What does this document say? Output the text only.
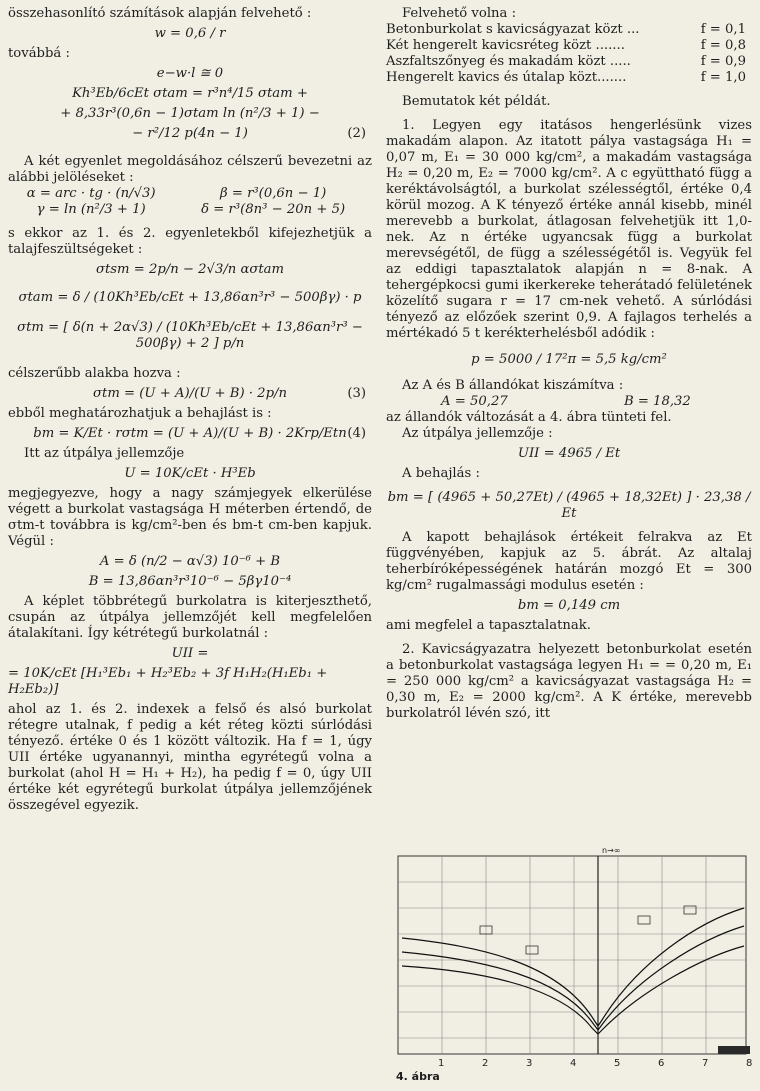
összehasonlító számítások alapján felvehető :

w = 0,6 / r

továbbá :

e−w·l ≅ 0
Kh³Eb/6cEt σtam = r³n⁴/15 σtam +
+ 8,33r³(0,6n − 1)σtam ln (n²/3 + 1) −
− r²/12 p(4n − 1)	(2)

A két egyenlet megoldásához célszerű bevezetni az alábbi jelöléseket :

α = arc · tg · (n/√3)	β = r³(0,6n − 1)
γ = ln (n²/3 + 1)	δ = r³(8n³ − 20n + 5)

s ekkor az 1. és 2. egyenletekből kifejezhetjük a talajfeszültségeket :

σtsm = 2p/n − 2√3/n ασtam
σtam = δ / (10Kh³Eb/cEt + 13,86αn³r³ − 500βγ) · p
σtm = [ δ(n + 2α√3) / (10Kh³Eb/cEt + 13,86αn³r³ − 500βγ) + 2 ] p/n

célszerűbb alakba hozva :

σtm = (U + A)/(U + B) · 2p/n	(3)

ebből meghatározhatjuk a behajlást is :

bm = K/Et · rσtm = (U + A)/(U + B) · 2Krp/Etn (4)

Itt az útpálya jellemzője

U = 10K/cEt · H³Eb

megjegyezve, hogy a nagy számjegyek elkerülése végett a burkolat vastagsága H méterben értendő, de σtm-t továbbra is kg/cm²-ben és bm-t cm-ben kapjuk. Végül :

A = δ (n/2 − α√3) 10⁻⁶ + B
B = 13,86αn³r³10⁻⁶ − 5βγ10⁻⁴

A képlet többrétegű burkolatra is kiterjeszthető, csupán az útpálya jellemzőjét kell megfelelően átalakítani. Így kétrétegű burkolatnál :

UII =
= 10K/cEt [H₁³Eb₁ + H₂³Eb₂ + 3f H₁H₂(H₁Eb₁ + H₂Eb₂)]

ahol az 1. és 2. indexek a felső és alsó burkolat rétegre utalnak, f pedig a két réteg közti súrlódási tényező. értéke 0 és 1 között változik. Ha f = 1, úgy UII értéke ugyanannyi, mintha egyrétegű volna a burkolat (ahol H = H₁ + H₂), ha pedig f = 0, úgy UII értéke két egyrétegű burkolat útpálya jellemzőjének összegével egyezik.

Felvehető volna :

Betonburkolat s kavicságyazat közt ...	f = 0,1
Két hengerelt kavicsréteg közt .......	f = 0,8
Aszfaltszőnyeg és makadám közt .....	f = 0,9
Hengerelt kavics és útalap közt.......	f = 1,0

Bemutatok két példát.

1. Legyen egy itatásos hengerlésünk vizes makadám alapon. Az itatott pálya vastagsága H₁ = 0,07 m, E₁ = 30 000 kg/cm², a makadám vastagsága H₂ = 0,20 m, E₂ = 7000 kg/cm². A c együttható függ a keréktávolságtól, a burkolat szélességtől, értéke 0,4 körül mozog. A K tényező értéke annál kisebb, minél merevebb a burkolat, átlagosan felvehetjük itt 1,0-nek. Az n értéke ugyancsak függ a burkolat merevségétől, de függ a szélességétől is. Vegyük fel az eddigi tapasztalatok alapján n = 8-nak. A tehergépkocsi gumi ikerkereke teherátadó felületének közelítő sugara r = 17 cm-nek vehető. A súrlódási tényező az előzőek szerint 0,9. A fajlagos terhelés a mértékadó 5 t kerékterhelésből adódik :

p = 5000 / 17²π = 5,5 kg/cm²

Az A és B állandókat kiszámítva :

A = 50,27	B = 18,32

az állandók változását a 4. ábra tünteti fel.

Az útpálya jellemzője :

UII = 4965 / Et

A behajlás :

bm = [ (4965 + 50,27Et) / (4965 + 18,32Et) ] · 23,38 / Et

A kapott behajlások értékeit felrakva az Et függvényében, kapjuk az 5. ábrát. Az altalaj teherbíróképességének határán mozgó Et = 300 kg/cm² rugalmassági modulus esetén :

bm = 0,149 cm

ami megfelel a tapasztalatnak.

2. Kavicságyazatra helyezett betonburkolat esetén a betonburkolat vastagsága legyen H₁ = = 0,20 m, E₁ = 250 000 kg/cm² a kavicságyazat vastagsága H₂ = 0,30 m, E₂ = 2000 kg/cm². A K értéke, merevebb burkolatról lévén szó, itt

n→∞
1	2	3	4	5	6	7	8
4. ábra
